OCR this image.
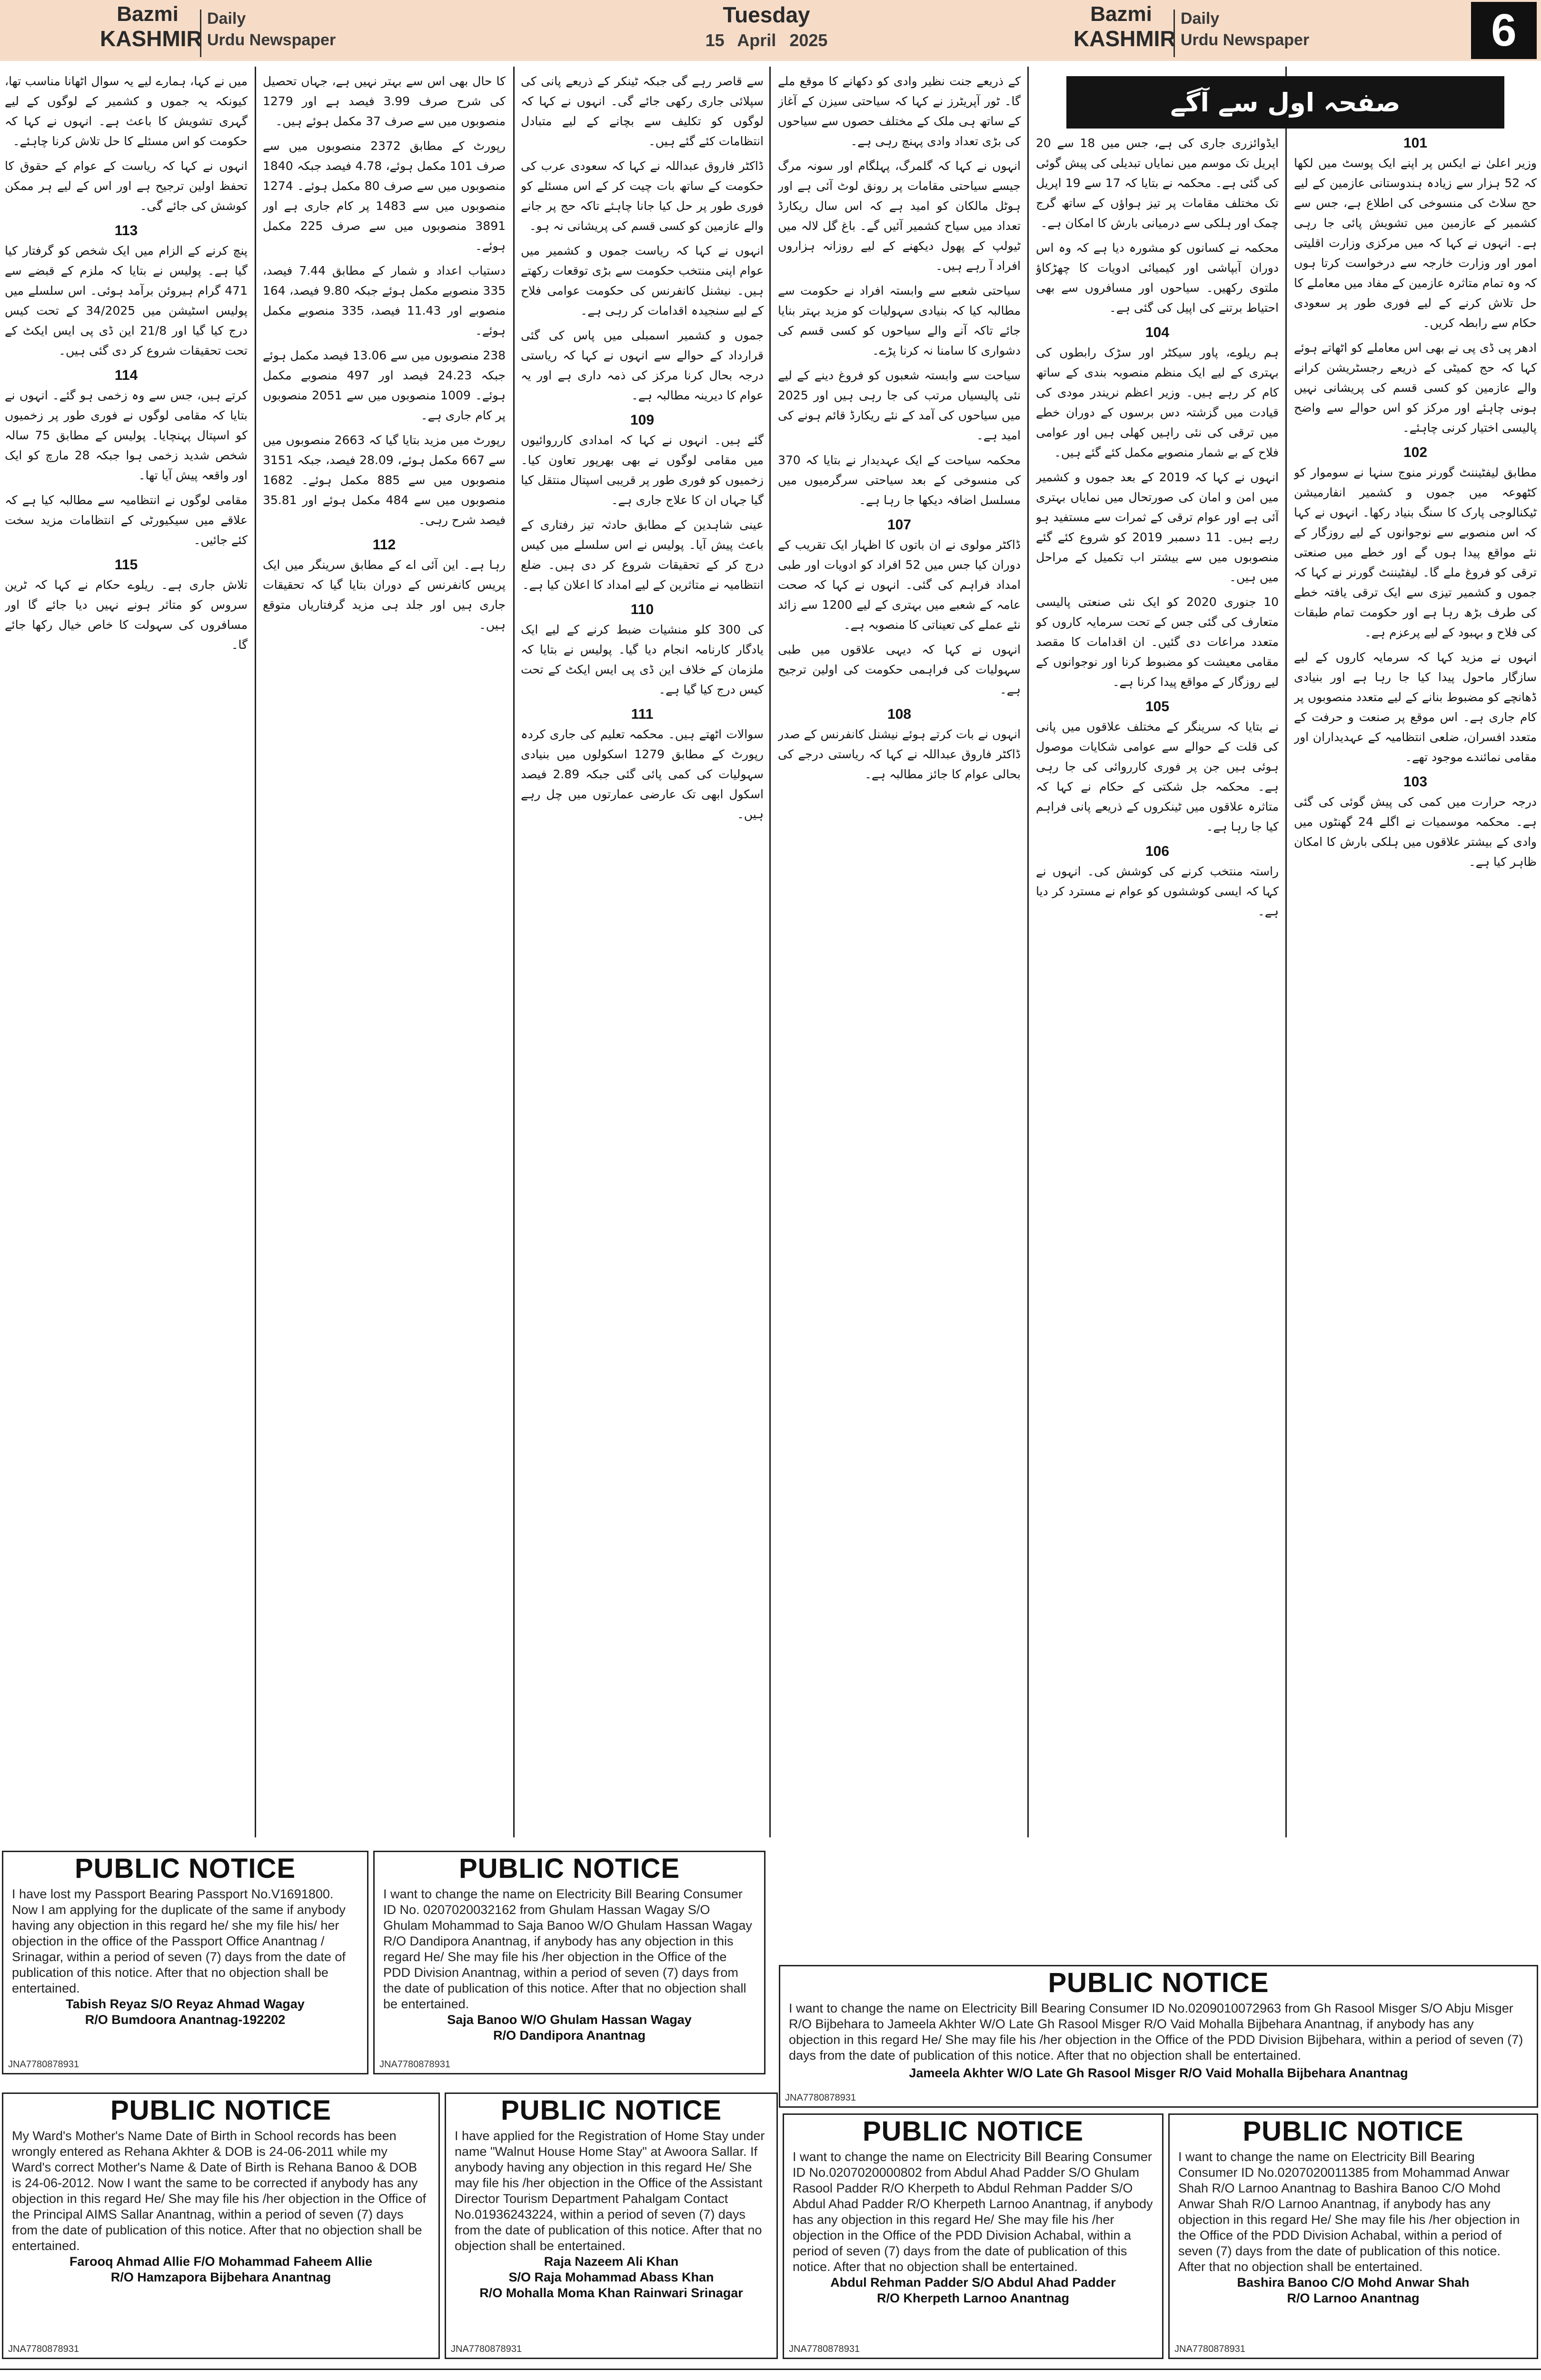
Bazmi
KASHMIR
Daily
Urdu Newspaper
Tuesday
15 April 2025
Bazmi
KASHMIR
Daily
Urdu Newspaper	6
صفحہ اول سے آگے
101

وزیر اعلیٰ نے ایکس پر اپنے ایک پوسٹ میں لکھا کہ 52 ہزار سے زیادہ ہندوستانی عازمین کے لیے حج سلاٹ کی منسوخی کی اطلاع ہے، جس سے کشمیر کے عازمین میں تشویش پائی جا رہی ہے۔ انہوں نے کہا کہ میں مرکزی وزارت اقلیتی امور اور وزارت خارجہ سے درخواست کرتا ہوں کہ وہ تمام متاثرہ عازمین کے مفاد میں معاملے کا حل تلاش کرنے کے لیے فوری طور پر سعودی حکام سے رابطہ کریں۔

ادھر پی ڈی پی نے بھی اس معاملے کو اٹھاتے ہوئے کہا کہ حج کمیٹی کے ذریعے رجسٹریشن کرانے والے عازمین کو کسی قسم کی پریشانی نہیں ہونی چاہئے اور مرکز کو اس حوالے سے واضح پالیسی اختیار کرنی چاہئے۔

102

مطابق لیفٹیننٹ گورنر منوج سنہا نے سوموار کو کٹھوعہ میں جموں و کشمیر انفارمیشن ٹیکنالوجی پارک کا سنگ بنیاد رکھا۔ انہوں نے کہا کہ اس منصوبے سے نوجوانوں کے لیے روزگار کے نئے مواقع پیدا ہوں گے اور خطے میں صنعتی ترقی کو فروغ ملے گا۔ لیفٹیننٹ گورنر نے کہا کہ جموں و کشمیر تیزی سے ایک ترقی یافتہ خطے کی طرف بڑھ رہا ہے اور حکومت تمام طبقات کی فلاح و بہبود کے لیے پرعزم ہے۔

انہوں نے مزید کہا کہ سرمایہ کاروں کے لیے سازگار ماحول پیدا کیا جا رہا ہے اور بنیادی ڈھانچے کو مضبوط بنانے کے لیے متعدد منصوبوں پر کام جاری ہے۔ اس موقع پر صنعت و حرفت کے متعدد افسران، ضلعی انتظامیہ کے عہدیداران اور مقامی نمائندے موجود تھے۔

103

درجہ حرارت میں کمی کی پیش گوئی کی گئی ہے۔ محکمہ موسمیات نے اگلے 24 گھنٹوں میں وادی کے بیشتر علاقوں میں ہلکی بارش کا امکان ظاہر کیا ہے۔

ایڈوائزری جاری کی ہے، جس میں 18 سے 20 اپریل تک موسم میں نمایاں تبدیلی کی پیش گوئی کی گئی ہے۔ محکمہ نے بتایا کہ 17 سے 19 اپریل تک مختلف مقامات پر تیز ہواؤں کے ساتھ گرج چمک اور ہلکی سے درمیانی بارش کا امکان ہے۔

محکمہ نے کسانوں کو مشورہ دیا ہے کہ وہ اس دوران آبپاشی اور کیمیائی ادویات کا چھڑکاؤ ملتوی رکھیں۔ سیاحوں اور مسافروں سے بھی احتیاط برتنے کی اپیل کی گئی ہے۔

104

ہم ریلوے، پاور سیکٹر اور سڑک رابطوں کی بہتری کے لیے ایک منظم منصوبہ بندی کے ساتھ کام کر رہے ہیں۔ وزیر اعظم نریندر مودی کی قیادت میں گزشتہ دس برسوں کے دوران خطے میں ترقی کی نئی راہیں کھلی ہیں اور عوامی فلاح کے بے شمار منصوبے مکمل کئے گئے ہیں۔

انہوں نے کہا کہ 2019 کے بعد جموں و کشمیر میں امن و امان کی صورتحال میں نمایاں بہتری آئی ہے اور عوام ترقی کے ثمرات سے مستفید ہو رہے ہیں۔ 11 دسمبر 2019 کو شروع کئے گئے منصوبوں میں سے بیشتر اب تکمیل کے مراحل میں ہیں۔

10 جنوری 2020 کو ایک نئی صنعتی پالیسی متعارف کی گئی جس کے تحت سرمایہ کاروں کو متعدد مراعات دی گئیں۔ ان اقدامات کا مقصد مقامی معیشت کو مضبوط کرنا اور نوجوانوں کے لیے روزگار کے مواقع پیدا کرنا ہے۔

105

نے بتایا کہ سرینگر کے مختلف علاقوں میں پانی کی قلت کے حوالے سے عوامی شکایات موصول ہوئی ہیں جن پر فوری کارروائی کی جا رہی ہے۔ محکمہ جل شکتی کے حکام نے کہا کہ متاثرہ علاقوں میں ٹینکروں کے ذریعے پانی فراہم کیا جا رہا ہے۔

106

راستہ منتخب کرنے کی کوشش کی۔ انہوں نے کہا کہ ایسی کوششوں کو عوام نے مسترد کر دیا ہے۔

کے ذریعے جنت نظیر وادی کو دکھانے کا موقع ملے گا۔ ٹور آپریٹرز نے کہا کہ سیاحتی سیزن کے آغاز کے ساتھ ہی ملک کے مختلف حصوں سے سیاحوں کی بڑی تعداد وادی پہنچ رہی ہے۔

انہوں نے کہا کہ گلمرگ، پہلگام اور سونہ مرگ جیسے سیاحتی مقامات پر رونق لوٹ آئی ہے اور ہوٹل مالکان کو امید ہے کہ اس سال ریکارڈ تعداد میں سیاح کشمیر آئیں گے۔ باغ گل لالہ میں ٹیولپ کے پھول دیکھنے کے لیے روزانہ ہزاروں افراد آ رہے ہیں۔

سیاحتی شعبے سے وابستہ افراد نے حکومت سے مطالبہ کیا کہ بنیادی سہولیات کو مزید بہتر بنایا جائے تاکہ آنے والے سیاحوں کو کسی قسم کی دشواری کا سامنا نہ کرنا پڑے۔

سیاحت سے وابستہ شعبوں کو فروغ دینے کے لیے نئی پالیسیاں مرتب کی جا رہی ہیں اور 2025 میں سیاحوں کی آمد کے نئے ریکارڈ قائم ہونے کی امید ہے۔

محکمہ سیاحت کے ایک عہدیدار نے بتایا کہ 370 کی منسوخی کے بعد سیاحتی سرگرمیوں میں مسلسل اضافہ دیکھا جا رہا ہے۔

107

ڈاکٹر مولوی نے ان باتوں کا اظہار ایک تقریب کے دوران کیا جس میں 52 افراد کو ادویات اور طبی امداد فراہم کی گئی۔ انہوں نے کہا کہ صحت عامہ کے شعبے میں بہتری کے لیے 1200 سے زائد نئے عملے کی تعیناتی کا منصوبہ ہے۔

انہوں نے کہا کہ دیہی علاقوں میں طبی سہولیات کی فراہمی حکومت کی اولین ترجیح ہے۔

108

انہوں نے بات کرتے ہوئے نیشنل کانفرنس کے صدر ڈاکٹر فاروق عبداللہ نے کہا کہ ریاستی درجے کی بحالی عوام کا جائز مطالبہ ہے۔

سے قاصر رہے گی جبکہ ٹینکر کے ذریعے پانی کی سپلائی جاری رکھی جائے گی۔ انہوں نے کہا کہ لوگوں کو تکلیف سے بچانے کے لیے متبادل انتظامات کئے گئے ہیں۔

ڈاکٹر فاروق عبداللہ نے کہا کہ سعودی عرب کی حکومت کے ساتھ بات چیت کر کے اس مسئلے کو فوری طور پر حل کیا جانا چاہئے تاکہ حج پر جانے والے عازمین کو کسی قسم کی پریشانی نہ ہو۔

انہوں نے کہا کہ ریاست جموں و کشمیر میں عوام اپنی منتخب حکومت سے بڑی توقعات رکھتے ہیں۔ نیشنل کانفرنس کی حکومت عوامی فلاح کے لیے سنجیدہ اقدامات کر رہی ہے۔

جموں و کشمیر اسمبلی میں پاس کی گئی قرارداد کے حوالے سے انہوں نے کہا کہ ریاستی درجہ بحال کرنا مرکز کی ذمہ داری ہے اور یہ عوام کا دیرینہ مطالبہ ہے۔

109

گئے ہیں۔ انہوں نے کہا کہ امدادی کارروائیوں میں مقامی لوگوں نے بھی بھرپور تعاون کیا۔ زخمیوں کو فوری طور پر قریبی اسپتال منتقل کیا گیا جہاں ان کا علاج جاری ہے۔

عینی شاہدین کے مطابق حادثہ تیز رفتاری کے باعث پیش آیا۔ پولیس نے اس سلسلے میں کیس درج کر کے تحقیقات شروع کر دی ہیں۔ ضلع انتظامیہ نے متاثرین کے لیے امداد کا اعلان کیا ہے۔

110

کی 300 کلو منشیات ضبط کرنے کے لیے ایک یادگار کارنامہ انجام دیا گیا۔ پولیس نے بتایا کہ ملزمان کے خلاف این ڈی پی ایس ایکٹ کے تحت کیس درج کیا گیا ہے۔

111

سوالات اٹھتے ہیں۔ محکمہ تعلیم کی جاری کردہ رپورٹ کے مطابق 1279 اسکولوں میں بنیادی سہولیات کی کمی پائی گئی جبکہ 2.89 فیصد اسکول ابھی تک عارضی عمارتوں میں چل رہے ہیں۔

کا حال بھی اس سے بہتر نہیں ہے، جہاں تحصیل کی شرح صرف 3.99 فیصد ہے اور 1279 منصوبوں میں سے صرف 37 مکمل ہوئے ہیں۔

رپورٹ کے مطابق 2372 منصوبوں میں سے صرف 101 مکمل ہوئے، 4.78 فیصد جبکہ 1840 منصوبوں میں سے صرف 80 مکمل ہوئے۔ 1274 منصوبوں میں سے 1483 پر کام جاری ہے اور 3891 منصوبوں میں سے صرف 225 مکمل ہوئے۔

دستیاب اعداد و شمار کے مطابق 7.44 فیصد، 335 منصوبے مکمل ہوئے جبکہ 9.80 فیصد، 164 منصوبے اور 11.43 فیصد، 335 منصوبے مکمل ہوئے۔

238 منصوبوں میں سے 13.06 فیصد مکمل ہوئے جبکہ 24.23 فیصد اور 497 منصوبے مکمل ہوئے۔ 1009 منصوبوں میں سے 2051 منصوبوں پر کام جاری ہے۔

رپورٹ میں مزید بتایا گیا کہ 2663 منصوبوں میں سے 667 مکمل ہوئے، 28.09 فیصد، جبکہ 3151 منصوبوں میں سے 885 مکمل ہوئے۔ 1682 منصوبوں میں سے 484 مکمل ہوئے اور 35.81 فیصد شرح رہی۔

112

رہا ہے۔ این آئی اے کے مطابق سرینگر میں ایک پریس کانفرنس کے دوران بتایا گیا کہ تحقیقات جاری ہیں اور جلد ہی مزید گرفتاریاں متوقع ہیں۔

میں نے کہا، ہمارے لیے یہ سوال اٹھانا مناسب تھا، کیونکہ یہ جموں و کشمیر کے لوگوں کے لیے گہری تشویش کا باعث ہے۔ انہوں نے کہا کہ حکومت کو اس مسئلے کا حل تلاش کرنا چاہئے۔

انہوں نے کہا کہ ریاست کے عوام کے حقوق کا تحفظ اولین ترجیح ہے اور اس کے لیے ہر ممکن کوشش کی جائے گی۔

113

پنچ کرنے کے الزام میں ایک شخص کو گرفتار کیا گیا ہے۔ پولیس نے بتایا کہ ملزم کے قبضے سے 471 گرام ہیروئن برآمد ہوئی۔ اس سلسلے میں پولیس اسٹیشن میں 34/2025 کے تحت کیس درج کیا گیا اور 21/8 این ڈی پی ایس ایکٹ کے تحت تحقیقات شروع کر دی گئی ہیں۔

114

کرتے ہیں، جس سے وہ زخمی ہو گئے۔ انہوں نے بتایا کہ مقامی لوگوں نے فوری طور پر زخمیوں کو اسپتال پہنچایا۔ پولیس کے مطابق 75 سالہ شخص شدید زخمی ہوا جبکہ 28 مارچ کو ایک اور واقعہ پیش آیا تھا۔

مقامی لوگوں نے انتظامیہ سے مطالبہ کیا ہے کہ علاقے میں سیکیورٹی کے انتظامات مزید سخت کئے جائیں۔

115

تلاش جاری ہے۔ ریلوے حکام نے کہا کہ ٹرین سروس کو متاثر ہونے نہیں دیا جائے گا اور مسافروں کی سہولت کا خاص خیال رکھا جائے گا۔

PUBLIC NOTICE
I have lost my Passport Bearing Passport No.V1691800. Now I am applying for the duplicate of the same if anybody having any objection in this regard he/ she my file his/ her objection in the office of the Passport Office Anantnag / Srinagar, within a period of seven (7) days from the date of publication of this notice. After that no objection shall be entertained.
Tabish Reyaz S/O Reyaz Ahmad Wagay
R/O Bumdoora Anantnag-192202
JNA7780878931
PUBLIC NOTICE
I want to change the name on Electricity Bill Bearing Consumer ID No. 0207020032162 from Ghulam Hassan Wagay S/O Ghulam Mohammad to Saja Banoo W/O Ghulam Hassan Wagay R/O Dandipora Anantnag, if anybody has any objection in this regard He/ She may file his /her objection in the Office of the PDD Division Anantnag, within a period of seven (7) days from the date of publication of this notice. After that no objection shall be entertained.
Saja Banoo W/O Ghulam Hassan Wagay
R/O Dandipora Anantnag
JNA7780878931
PUBLIC NOTICE
I want to change the name on Electricity Bill Bearing Consumer ID No.0209010072963 from Gh Rasool Misger S/O Abju Misger R/O Bijbehara to Jameela Akhter W/O Late Gh Rasool Misger R/O Vaid Mohalla Bijbehara Anantnag, if anybody has any objection in this regard He/ She may file his /her objection in the Office of the PDD Division Bijbehara, within a period of seven (7) days from the date of publication of this notice. After that no objection shall be entertained.
Jameela Akhter W/O Late Gh Rasool Misger R/O Vaid Mohalla Bijbehara Anantnag
JNA7780878931
PUBLIC NOTICE
My Ward's Mother's Name Date of Birth in School records has been wrongly entered as Rehana Akhter & DOB is 24-06-2011 while my Ward's correct Mother's Name & Date of Birth is Rehana Banoo & DOB is 24-06-2012. Now I want the same to be corrected if anybody has any objection in this regard He/ She may file his /her objection in the Office of the Principal AIMS Sallar Anantnag, within a period of seven (7) days from the date of publication of this notice. After that no objection shall be entertained.
Farooq Ahmad Allie F/O Mohammad Faheem Allie
R/O Hamzapora Bijbehara Anantnag
JNA7780878931
PUBLIC NOTICE
I have applied for the Registration of Home Stay under name "Walnut House Home Stay" at Awoora Sallar. If anybody having any objection in this regard He/ She may file his /her objection in the Office of the Assistant Director Tourism Department Pahalgam Contact No.01936243224, within a period of seven (7) days from the date of publication of this notice. After that no objection shall be entertained.
Raja Nazeem Ali Khan
S/O Raja Mohammad Abass Khan
R/O Mohalla Moma Khan Rainwari Srinagar
JNA7780878931
PUBLIC NOTICE
I want to change the name on Electricity Bill Bearing Consumer ID No.0207020000802 from Abdul Ahad Padder S/O Ghulam Rasool Padder R/O Kherpeth to Abdul Rehman Padder S/O Abdul Ahad Padder R/O Kherpeth Larnoo Anantnag, if anybody has any objection in this regard He/ She may file his /her objection in the Office of the PDD Division Achabal, within a period of seven (7) days from the date of publication of this notice. After that no objection shall be entertained.
Abdul Rehman Padder S/O Abdul Ahad Padder
R/O Kherpeth Larnoo Anantnag
JNA7780878931
PUBLIC NOTICE
I want to change the name on Electricity Bill Bearing Consumer ID No.0207020011385 from Mohammad Anwar Shah R/O Larnoo Anantnag to Bashira Banoo C/O Mohd Anwar Shah R/O Larnoo Anantnag, if anybody has any objection in this regard He/ She may file his /her objection in the Office of the PDD Division Achabal, within a period of seven (7) days from the date of publication of this notice. After that no objection shall be entertained.
Bashira Banoo C/O Mohd Anwar Shah
R/O Larnoo Anantnag
JNA7780878931
